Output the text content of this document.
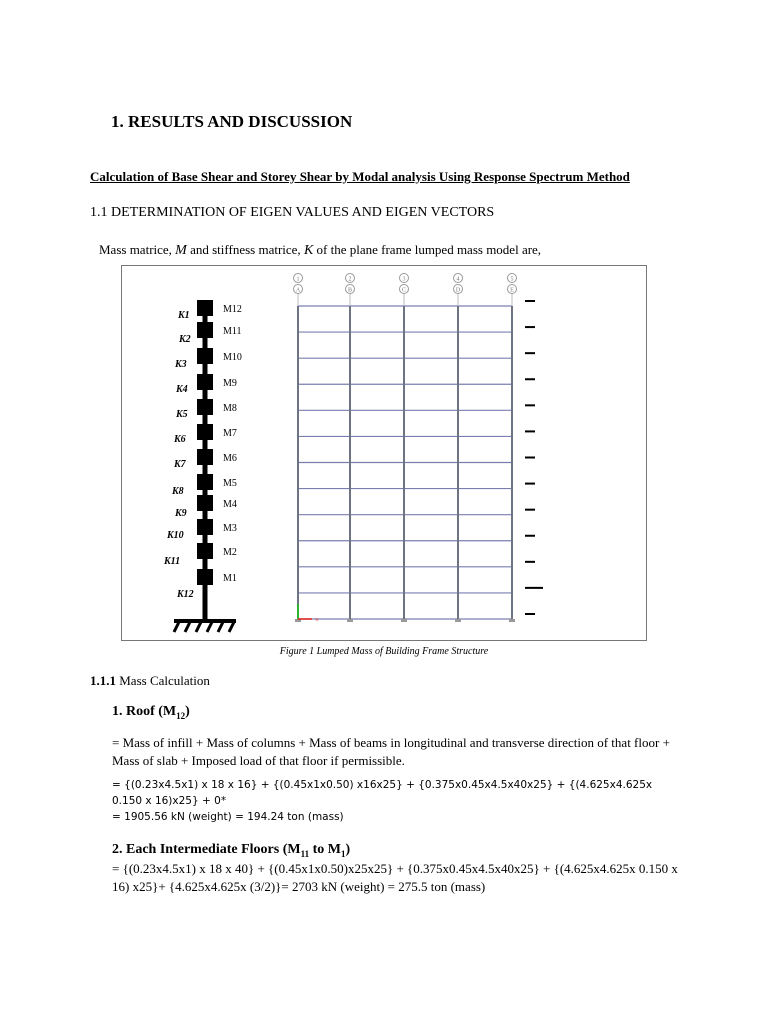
1. RESULTS AND DISCUSSION
Calculation of Base Shear and Storey Shear by Modal analysis Using Response Spectrum Method
1.1 DETERMINATION OF EIGEN VALUES AND EIGEN VECTORS
Mass matrice, M and stiffness matrice, K of the plane frame lumped mass model are,
M12
M11
M10
M9
M8
M7
M6
M5
M4
M3
M2
M1
K1
K2
K3
K4
K5
K6
K7
K8
K9
K10
K11
K12
1
A
2
B
3
C
4
D
5
E
×
Figure 1 Lumped Mass of Building Frame Structure
1.1.1 Mass Calculation
1. Roof $(M_{12})$
= Mass of infill + Mass of columns + Mass of beams in longitudinal and transverse direction of that floor + Mass of slab + Imposed load of that floor if permissible.
= {(0.23x4.5x1) x 18 x 16} + {(0.45x1x0.50) x16x25} + {0.375x0.45x4.5x40x25} + {(4.625x4.625x 0.150 x 16)x25} + 0*
= 1905.56 kN (weight) = 194.24 ton (mass)
2. Each Intermediate Floors ($M_{11}$ to $M_1$)
= {(0.23x4.5x1) x 18 x 40} + {(0.45x1x0.50)x25x25} + {0.375x0.45x4.5x40x25} + {(4.625x4.625x 0.150 x 16) x25}+ {4.625x4.625x (3/2)}= 2703 kN (weight) = 275.5 ton (mass)
